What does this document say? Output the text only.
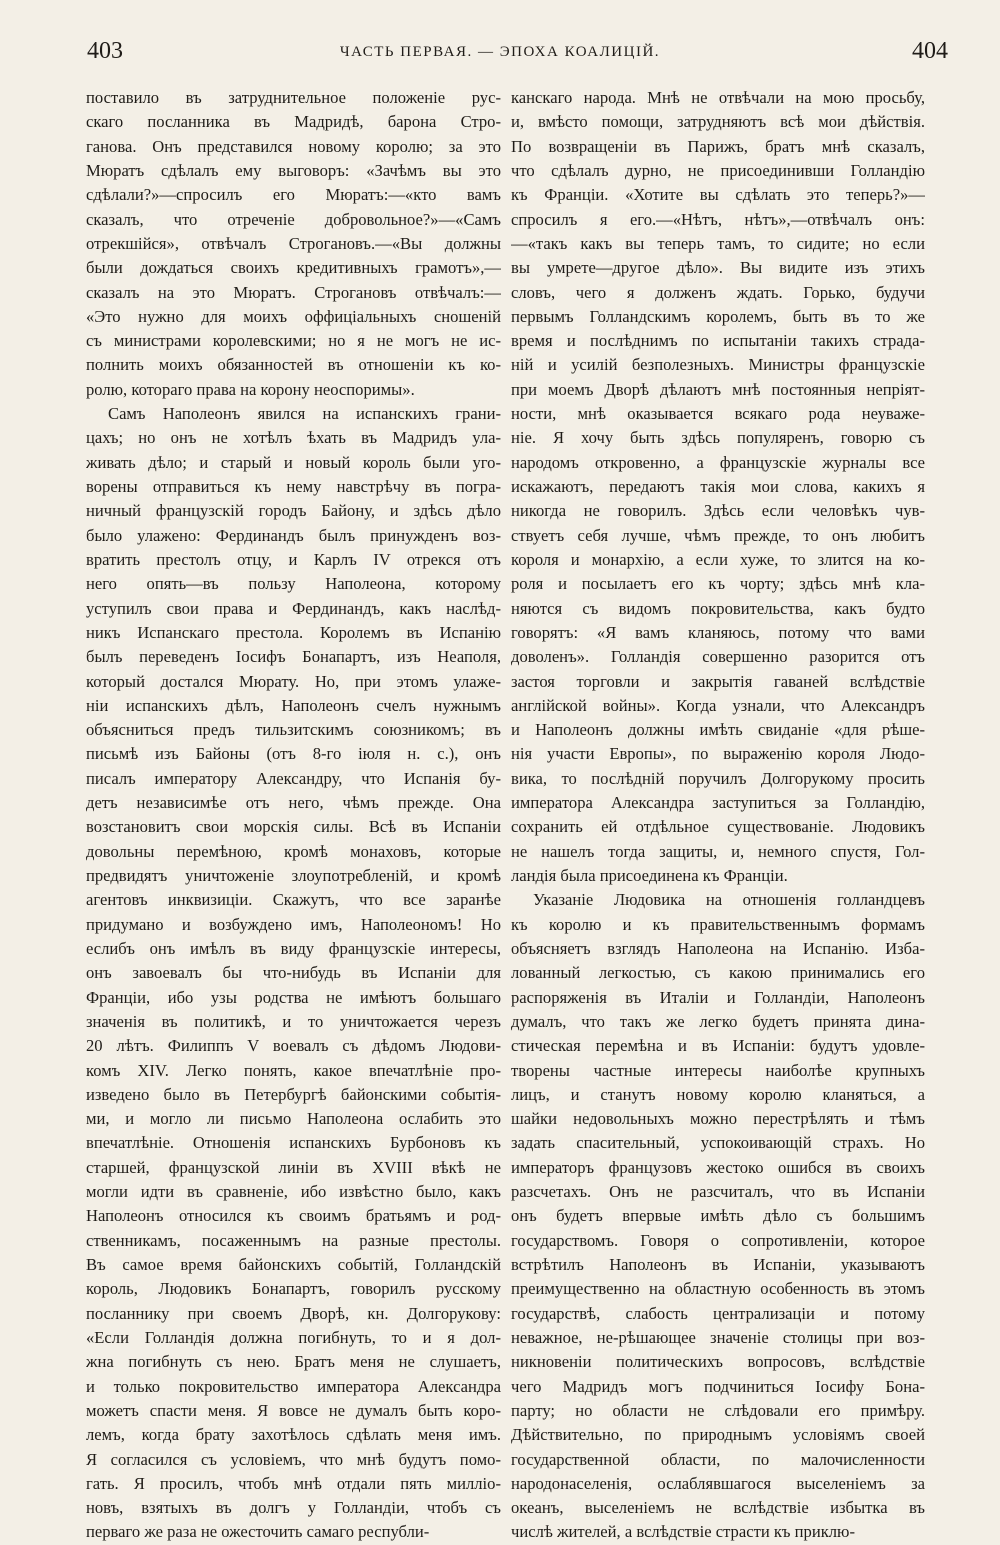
403	ЧАСТЬ ПЕРВАЯ. — ЭПОХА КОАЛИЦІЙ.	404
поставило въ затруднительное положеніе рус-
скаго посланника въ Мадридѣ, барона Стро-
ганова. Онъ представился новому королю; за это
Мюратъ сдѣлалъ ему выговоръ: «Зачѣмъ вы это
сдѣлали?»—спросилъ его Мюратъ:—«кто вамъ
сказалъ, что отреченіе добровольное?»—«Самъ
отрекшійся», отвѣчалъ Строгановъ.—«Вы должны
были дождаться своихъ кредитивныхъ грамотъ»,—
сказалъ на это Мюратъ. Строгановъ отвѣчалъ:—
«Это нужно для моихъ оффиціальныхъ сношеній
съ министрами королевскими; но я не могъ не ис-
полнить моихъ обязанностей въ отношеніи къ ко-
ролю, котораго права на корону неоспоримы».
Самъ Наполеонъ явился на испанскихъ грани-
цахъ; но онъ не хотѣлъ ѣхать въ Мадридъ ула-
живать дѣло; и старый и новый король были уго-
ворены отправиться къ нему навстрѣчу въ погра-
ничный французскій городъ Байону, и здѣсь дѣло
было улажено: Фердинандъ былъ принужденъ воз-
вратить престолъ отцу, и Карлъ IV отрекся отъ
него опять—въ пользу Наполеона, которому
уступилъ свои права и Фердинандъ, какъ наслѣд-
никъ Испанскаго престола. Королемъ въ Испанію
былъ переведенъ Іосифъ Бонапартъ, изъ Неаполя,
который достался Мюрату. Но, при этомъ улажe-
ніи испанскихъ дѣлъ, Наполеонъ счелъ нужнымъ
объясниться предъ тильзитскимъ союзникомъ; въ
письмѣ изъ Байоны (отъ 8-го іюля н. с.), онъ
писалъ императору Александру, что Испанія бу-
детъ независимѣе отъ него, чѣмъ прежде. Она
возстановитъ свои морскія силы. Всѣ въ Испаніи
довольны перемѣною, кромѣ монаховъ, которые
предвидятъ уничтоженіе злоупотребленій, и кромѣ
агентовъ инквизиціи. Скажутъ, что все заранѣе
придумано и возбуждено имъ, Наполеономъ! Но
еслибъ онъ имѣлъ въ виду французскіе интересы,
онъ завоевалъ бы что-нибудь въ Испаніи для
Франціи, ибо узы родства не имѣютъ большаго
значенія въ политикѣ, и то уничтожается черезъ
20 лѣтъ. Филиппъ V воевалъ съ дѣдомъ Людови-
комъ XIV. Легко понять, какое впечатлѣніе про-
изведено было въ Петербургѣ байонскими событія-
ми, и могло ли письмо Наполеона ослабить это
впечатлѣніе. Отношенія испанскихъ Бурбоновъ къ
старшей, французской линіи въ XVIII вѣкѣ не
могли идти въ сравненіе, ибо извѣстно было, какъ
Наполеонъ относился къ своимъ братьямъ и род-
ственникамъ, посаженнымъ на разные престолы.
Въ самое время байонскихъ событій, Голландскій
король, Людовикъ Бонапартъ, говорилъ русскому
посланнику при своемъ Дворѣ, кн. Долгорукову:
«Если Голландія должна погибнуть, то и я дол-
жна погибнуть съ нею. Братъ меня не слушаетъ,
и только покровительство императора Александра
можетъ спасти меня. Я вовсе не думалъ быть коро-
лемъ, когда брату захотѣлось сдѣлать меня имъ.
Я согласился съ условіемъ, что мнѣ будутъ помо-
гать. Я просилъ, чтобъ мнѣ отдали пять милліо-
новъ, взятыхъ въ долгъ у Голландіи, чтобъ съ
перваго же раза не ожесточить самаго республи-
канскаго народа. Мнѣ не отвѣчали на мою просьбу,
и, вмѣсто помощи, затрудняютъ всѣ мои дѣйствія.
По возвращеніи въ Парижъ, братъ мнѣ сказалъ,
что сдѣлалъ дурно, не присоединивши Голландію
къ Франціи. «Хотите вы сдѣлать это теперь?»—
спросилъ я его.—«Нѣтъ, нѣтъ»,—отвѣчалъ онъ:
—«такъ какъ вы теперь тамъ, то сидите; но если
вы умрете—другое дѣло». Вы видите изъ этихъ
словъ, чего я долженъ ждать. Горько, будучи
первымъ Голландскимъ королемъ, быть въ то же
время и послѣднимъ по испытаніи такихъ страда-
ній и усилій безполезныхъ. Министры французскіе
при моемъ Дворѣ дѣлаютъ мнѣ постоянныя непріят-
ности, мнѣ оказывается всякаго рода неуваже-
ніе. Я хочу быть здѣсь популяренъ, говорю съ
народомъ откровенно, а французскіе журналы все
искажаютъ, передаютъ такія мои слова, какихъ я
никогда не говорилъ. Здѣсь если человѣкъ чув-
ствуетъ себя лучше, чѣмъ прежде, то онъ любитъ
короля и монархію, а если хуже, то злится на ко-
роля и посылаетъ его къ чорту; здѣсь мнѣ кла-
няются съ видомъ покровительства, какъ будто
говорятъ: «Я вамъ кланяюсь, потому что вами
доволенъ». Голландія совершенно разорится отъ
застоя торговли и закрытія гаваней вслѣдствіе
англійской войны». Когда узнали, что Александръ
и Наполеонъ должны имѣть свиданіе «для рѣше-
нія участи Европы», по выраженію короля Людо-
вика, то послѣдній поручилъ Долгорукому просить
императора Александра заступиться за Голландію,
сохранить ей отдѣльное существованіе. Людовикъ
не нашелъ тогда защиты, и, немного спустя, Гол-
ландія была присоединена къ Франціи.
Указаніе Людовика на отношенія голландцевъ
къ королю и къ правительственнымъ формамъ
объясняетъ взглядъ Наполеона на Испанію. Избa-
лованный легкостью, съ какою принимались его
распоряженія въ Италіи и Голландіи, Наполеонъ
думалъ, что такъ же легко будетъ принята дина-
стическая перемѣна и въ Испаніи: будутъ удовле-
творены частные интересы наиболѣе крупныхъ
лицъ, и станутъ новому королю кланяться, а
шайки недовольныхъ можно перестрѣлять и тѣмъ
задать спасительный, успокоивающій страхъ. Но
императоръ французовъ жестоко ошибся въ своихъ
разсчетахъ. Онъ не разсчиталъ, что въ Испаніи
онъ будетъ впервые имѣть дѣло съ большимъ
государствомъ. Говоря о сопротивленіи, которое
встрѣтилъ Наполеонъ въ Испаніи, указываютъ
преимущественно на областную особенность въ этомъ
государствѣ, слабость централизаціи и потому
неважное, не-рѣшающее значеніе столицы при воз-
никновеніи политическихъ вопросовъ, вслѣдствіе
чего Мадридъ могъ подчиниться Іосифу Бона-
парту; но области не слѣдовали его примѣру.
Дѣйствительно, по природнымъ условіямъ своей
государственной области, по малочисленности
народонаселенія, ослаблявшагося выселеніемъ за
океанъ, выселеніемъ не вслѣдствіе избытка въ
числѣ жителей, а вслѣдствіе страсти къ приклю-
